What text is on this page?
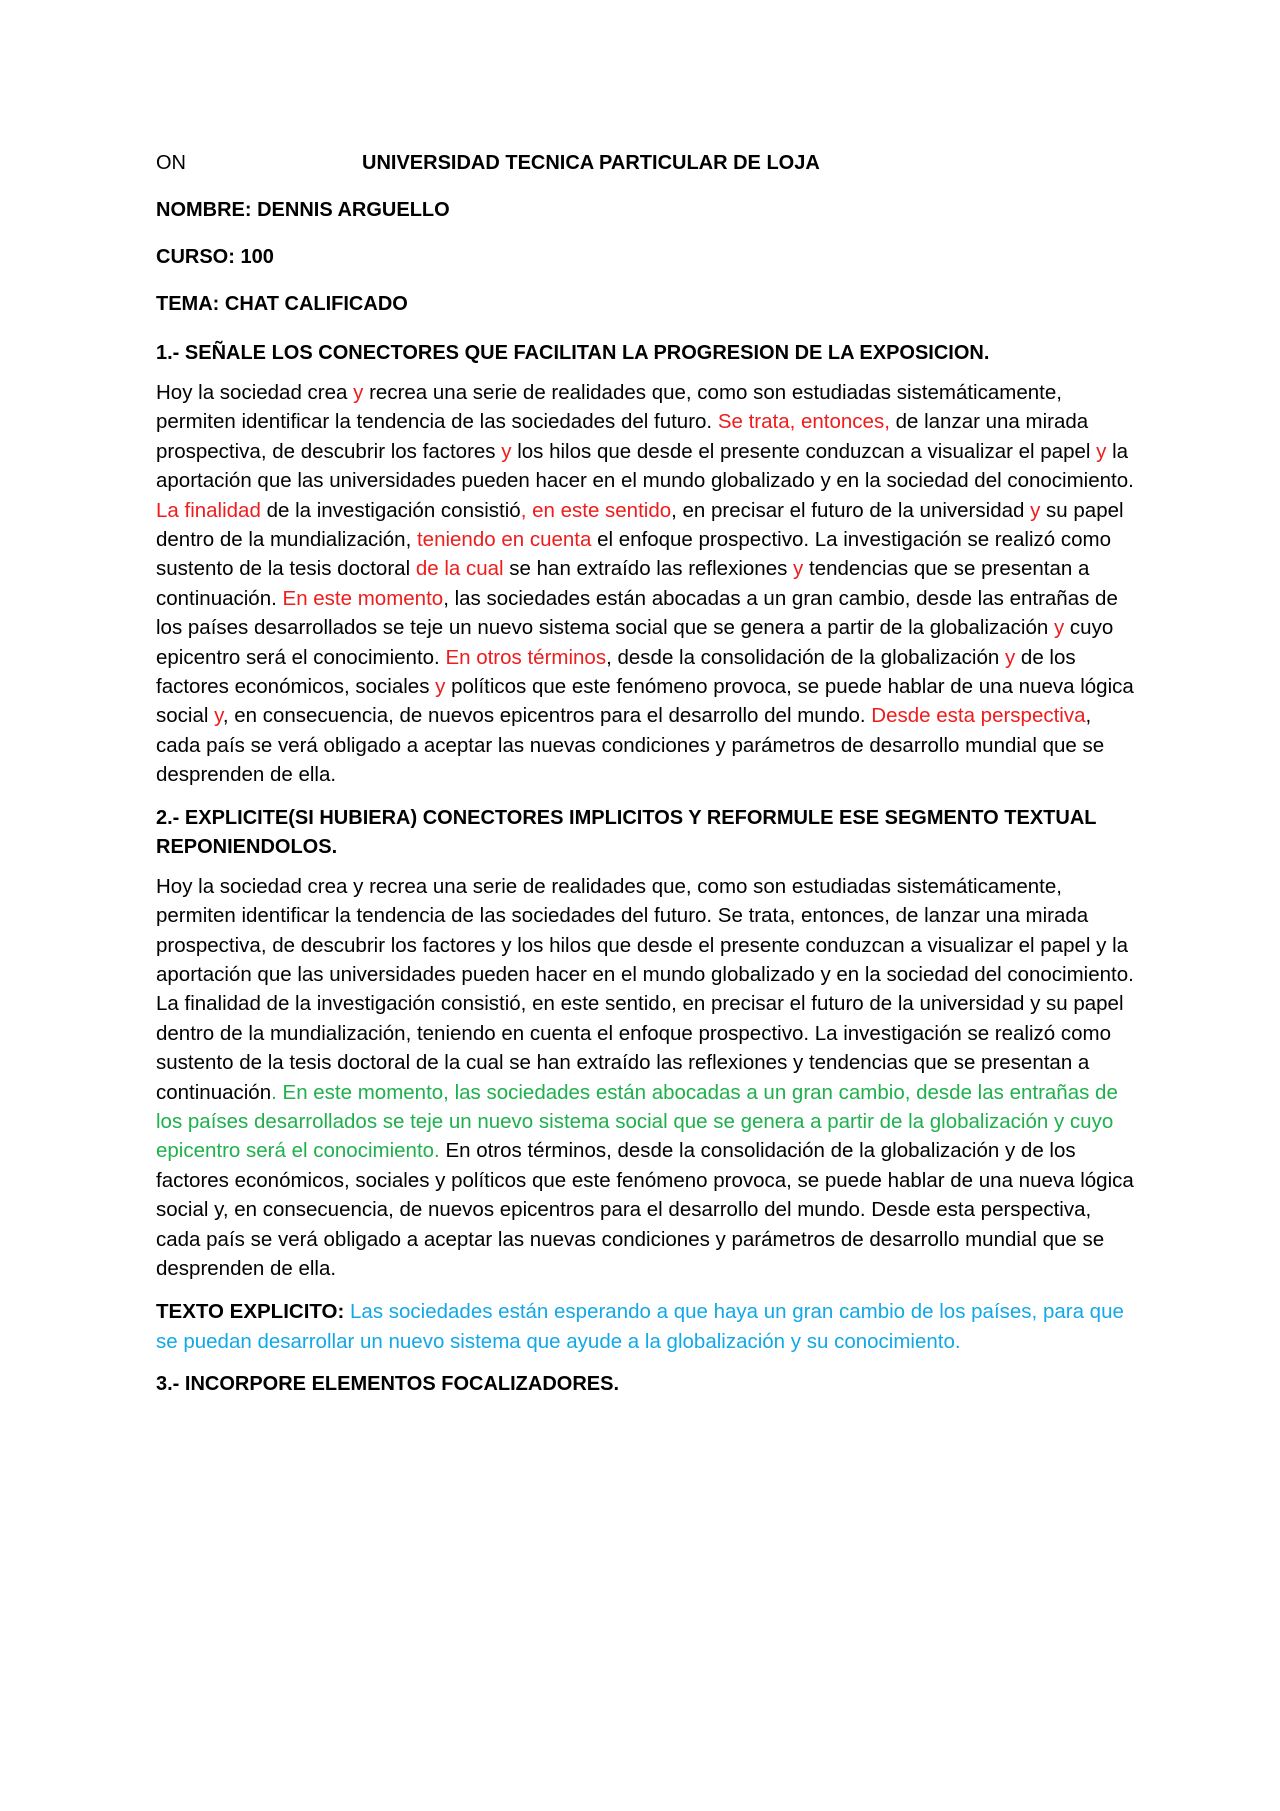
ON	UNIVERSIDAD TECNICA PARTICULAR DE LOJA

NOMBRE: DENNIS ARGUELLO

CURSO: 100

TEMA: CHAT CALIFICADO

1.- SEÑALE LOS CONECTORES QUE FACILITAN LA PROGRESION DE LA EXPOSICION.

Hoy la sociedad crea y recrea una serie de realidades que, como son estudiadas sistemáticamente, permiten identificar la tendencia de las sociedades del futuro. Se trata, entonces, de lanzar una mirada prospectiva, de descubrir los factores y los hilos que desde el presente conduzcan a visualizar el papel y la aportación que las universidades pueden hacer en el mundo globalizado y en la sociedad del conocimiento. La finalidad de la investigación consistió, en este sentido, en precisar el futuro de la universidad y su papel dentro de la mundialización, teniendo en cuenta el enfoque prospectivo. La investigación se realizó como sustento de la tesis doctoral de la cual se han extraído las reflexiones y tendencias que se presentan a continuación. En este momento, las sociedades están abocadas a un gran cambio, desde las entrañas de los países desarrollados se teje un nuevo sistema social que se genera a partir de la globalización y cuyo epicentro será el conocimiento. En otros términos, desde la consolidación de la globalización y de los factores económicos, sociales y políticos que este fenómeno provoca, se puede hablar de una nueva lógica social y, en consecuencia, de nuevos epicentros para el desarrollo del mundo. Desde esta perspectiva, cada país se verá obligado a aceptar las nuevas condiciones y parámetros de desarrollo mundial que se desprenden de ella.

2.- EXPLICITE(SI HUBIERA) CONECTORES IMPLICITOS Y REFORMULE ESE SEGMENTO TEXTUAL REPONIENDOLOS.

Hoy la sociedad crea y recrea una serie de realidades que, como son estudiadas sistemáticamente, permiten identificar la tendencia de las sociedades del futuro. Se trata, entonces, de lanzar una mirada prospectiva, de descubrir los factores y los hilos que desde el presente conduzcan a visualizar el papel y la aportación que las universidades pueden hacer en el mundo globalizado y en la sociedad del conocimiento. La finalidad de la investigación consistió, en este sentido, en precisar el futuro de la universidad y su papel dentro de la mundialización, teniendo en cuenta el enfoque prospectivo. La investigación se realizó como sustento de la tesis doctoral de la cual se han extraído las reflexiones y tendencias que se presentan a continuación. En este momento, las sociedades están abocadas a un gran cambio, desde las entrañas de los países desarrollados se teje un nuevo sistema social que se genera a partir de la globalización y cuyo epicentro será el conocimiento. En otros términos, desde la consolidación de la globalización y de los factores económicos, sociales y políticos que este fenómeno provoca, se puede hablar de una nueva lógica social y, en consecuencia, de nuevos epicentros para el desarrollo del mundo. Desde esta perspectiva, cada país se verá obligado a aceptar las nuevas condiciones y parámetros de desarrollo mundial que se desprenden de ella.

TEXTO EXPLICITO: Las sociedades están esperando a que haya un gran cambio de los países, para que se puedan desarrollar un nuevo sistema que ayude a la globalización y su conocimiento.

3.- INCORPORE ELEMENTOS FOCALIZADORES.
